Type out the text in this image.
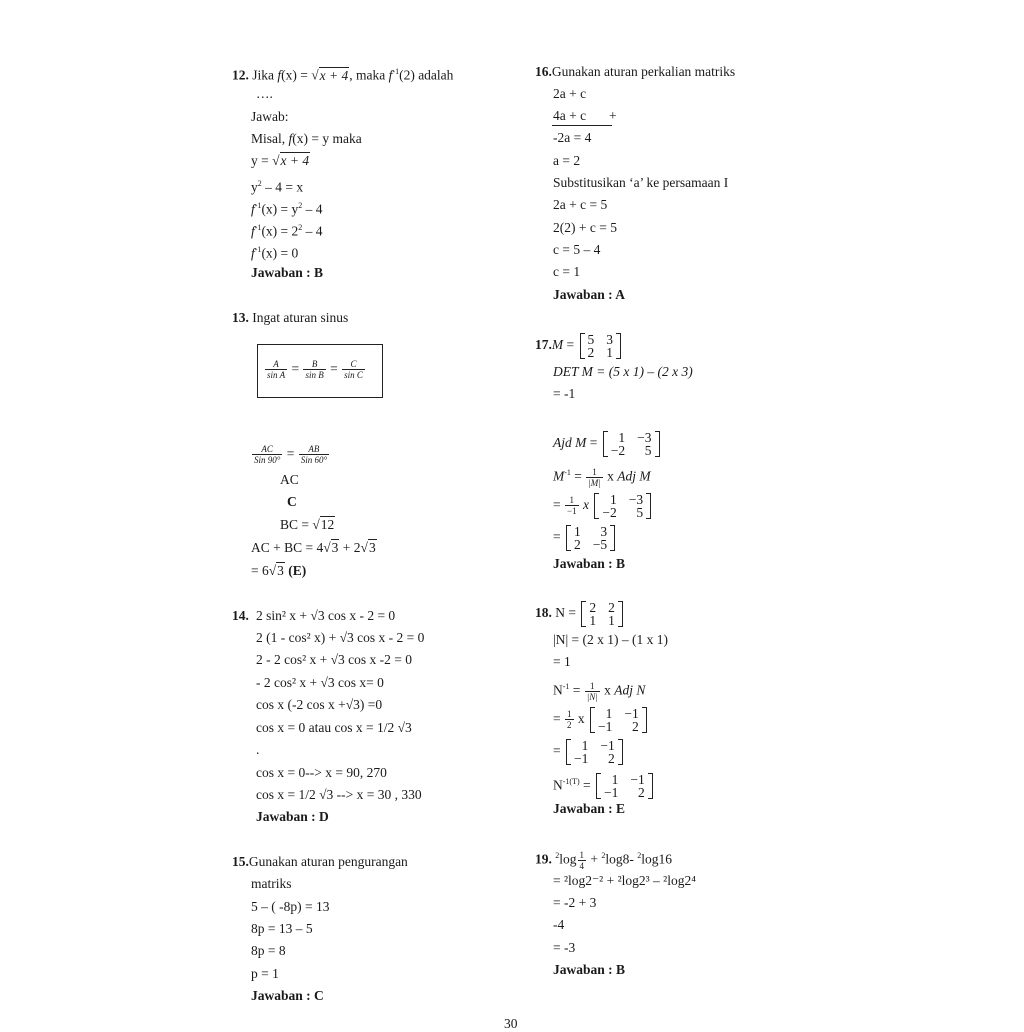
12. Jika f(x) = √x + 4, maka $f^{-1}(2)$ adalah
….
Jawab:
Misal, f(x) = y maka
y = √x + 4
$y^2 - 4 = x$
$f^{-1}(x) = y^2 - 4$
$f^{-1}(x) = 2^2 - 4$
$f^{-1}(x) = 0$
Jawaban : B
13. Ingat aturan sinus
$\frac{A}{\text{sin A}} = \frac{B}{\text{sin B}} = \frac{C}{\text{sin C}}$
$\frac{AC}{\text{Sin 90°}} = \frac{AB}{\text{Sin 60°}}$
AC
C
BC = √12
AC + BC = 4√3 + 2√3
= 6√3 (E)
14. 2 sin² x + √3 cos x - 2 = 0
2 (1 - cos² x) + √3 cos x - 2 = 0
2 - 2 cos² x + √3 cos x -2 = 0
- 2 cos² x + √3 cos x= 0
cos x (-2 cos x +√3) =0
cos x = 0 atau cos x = 1/2 √3
.
cos x = 0--> x = 90, 270
cos x = 1/2 √3 --> x = 30 , 330
Jawaban : D
15.Gunakan aturan pengurangan
matriks
5 – ( -8p) = 13
8p = 13 – 5
8p = 8
p = 1
Jawaban : C
16.Gunakan aturan perkalian matriks
2a + c
4a + c +
-2a = 4
a = 2
Substitusikan ‘a’ ke persamaan I
2a + c = 5
2(2) + c = 5
c = 5 – 4
c = 1
Jawaban : A
17.M = 5 3
2 1
DET M = (5 x 1) – (2 x 3)
= -1
Ajd M =	1 −3
−2	5
$M^{-1} = \frac{1}{|M|}$ x Adj M
= $\frac{1}{-1}$ x	1 −3
−2	5
= 1	3
2 −5
Jawaban : B
18. N = 2 2
1 1
|N| = (2 x 1) – (1 x 1)
= 1
$N^{-1} = \frac{1}{|N|}$ x Adj N
= $\frac{1}{2}$ x	1 −1
−1	2
=	1 −1
−1	2
$N^{-1(T)}$ =	1 −1
−1	2
Jawaban : E
19. $^2\log \frac{1}{4} + ^2\log 8-$ $^2$log16
= ²log2⁻² + ²log2³ – ²log2⁴
= -2 + 3
-4
= -3
Jawaban : B
30
